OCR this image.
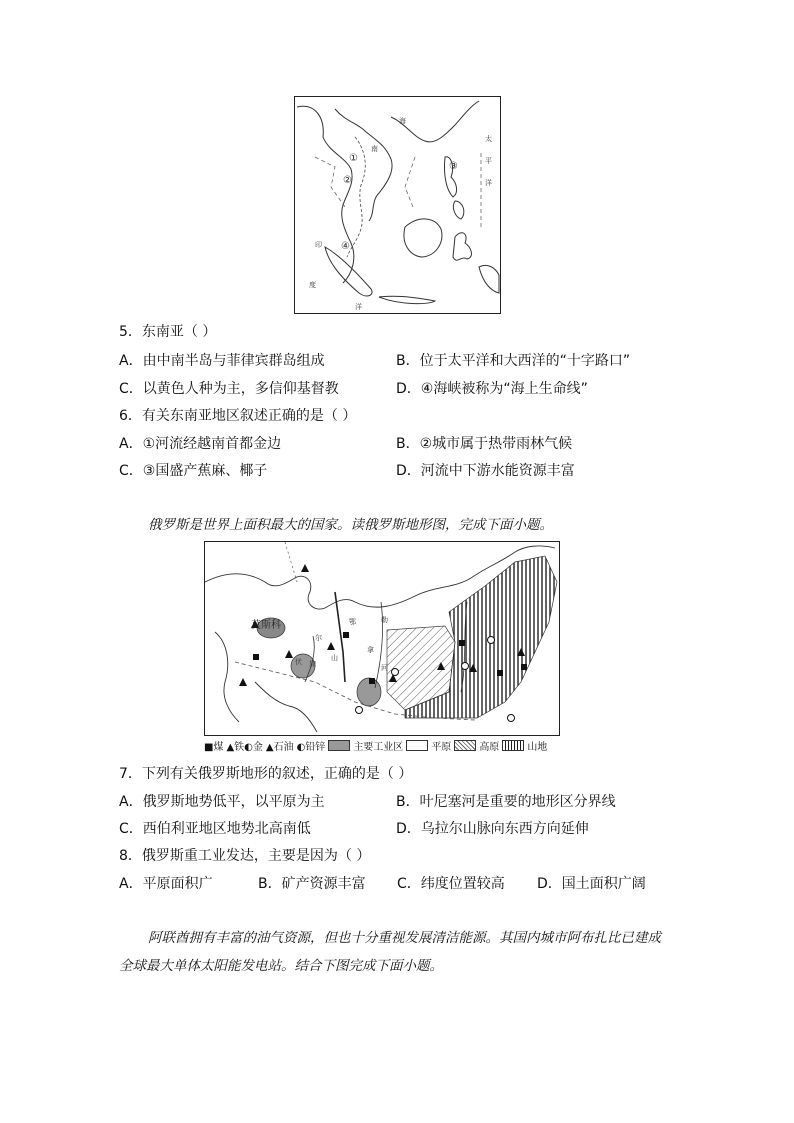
南
海
太
平
洋
印
度
洋
①
②
③
④
5．东南亚（ ）
A．由中南半岛与菲律宾群岛组成	B．位于太平洋和大西洋的“十字路口”
C．以黄色人种为主，多信仰基督教	D．④海峡被称为“海上生命线”
6．有关东南亚地区叙述正确的是（ ）
A．①河流经越南首都金边	B．②城市属于热带雨林气候
C．③国盛产蕉麻、椰子	D．河流中下游水能资源丰富
俄罗斯是世界上面积最大的国家。读俄罗斯地形图，完成下面小题。
莫斯科
伏
尔
加
山
河
鄂	勒
拿
■煤 ▲铁◐金 ▲石油 ◐铅锌	主要工业区	平原	高原	山地
7．下列有关俄罗斯地形的叙述，正确的是（ ）
A．俄罗斯地势低平，以平原为主	B．叶尼塞河是重要的地形区分界线
C．西伯利亚地区地势北高南低	D．乌拉尔山脉向东西方向延伸
8．俄罗斯重工业发达，主要是因为（ ）
A．平原面积广	B．矿产资源丰富 C．纬度位置较高 D．国土面积广阔
阿联酋拥有丰富的油气资源，但也十分重视发展清洁能源。其国内城市阿布扎比已建成
全球最大单体太阳能发电站。结合下图完成下面小题。
